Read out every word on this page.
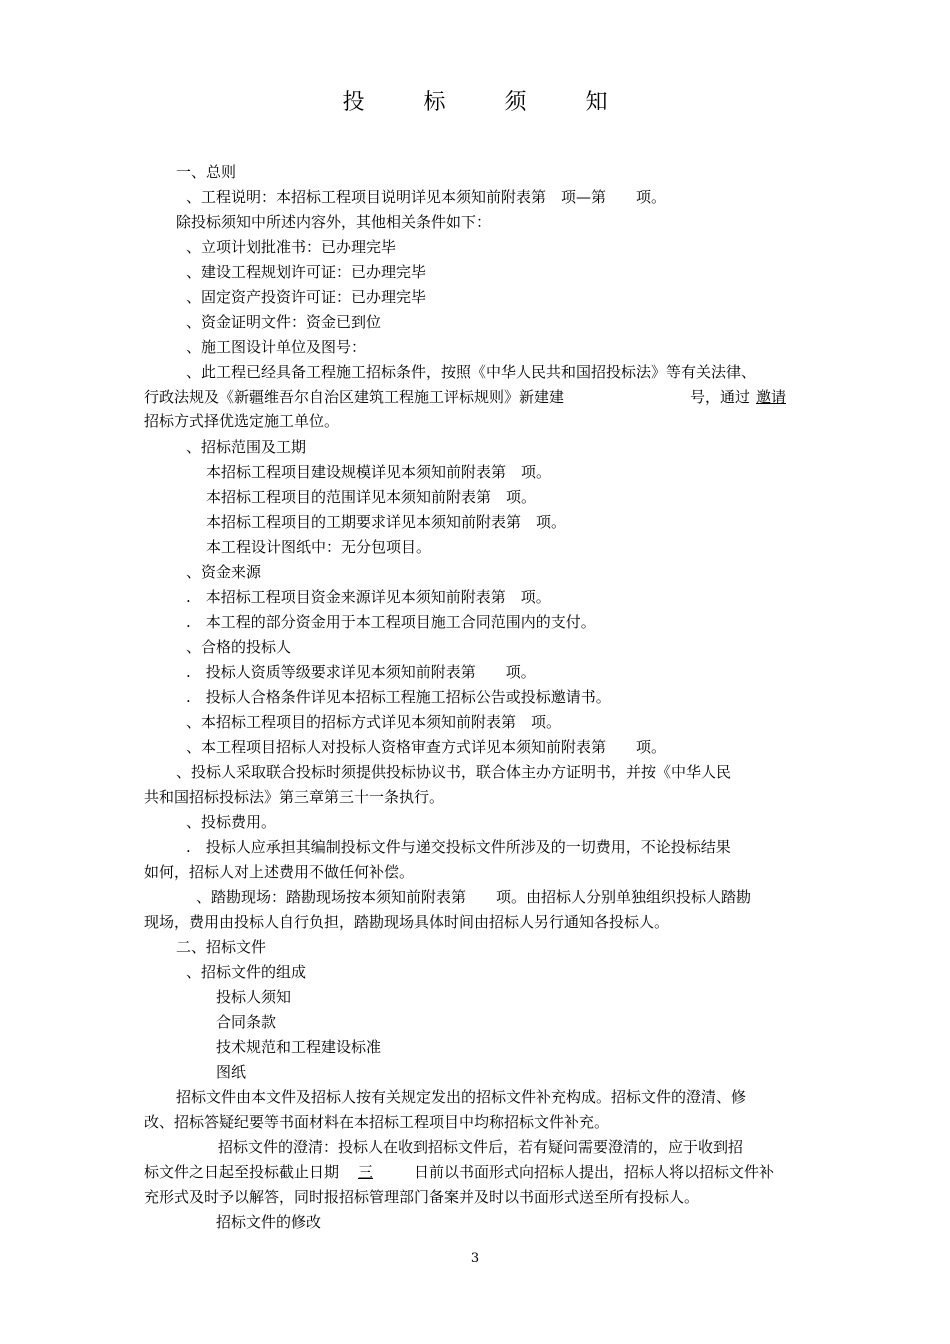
投 标 须 知
一、总则
、工程说明：本招标工程项目说明详见本须知前附表第　项—第　　项。
除投标须知中所述内容外，其他相关条件如下：
、立项计划批准书：已办理完毕
、建设工程规划许可证：已办理完毕
、固定资产投资许可证：已办理完毕
、资金证明文件：资金已到位
、施工图设计单位及图号：
、此工程已经具备工程施工招标条件，按照《中华人民共和国招投标法》等有关法律、
行政法规及《新疆维吾尔自治区建筑工程施工评标规则》新建建	号，通过 邀请
招标方式择优选定施工单位。
、招标范围及工期
本招标工程项目建设规模详见本须知前附表第　项。
本招标工程项目的范围详见本须知前附表第　项。
本招标工程项目的工期要求详见本须知前附表第　项。
本工程设计图纸中：无分包项目。
、资金来源
.　本招标工程项目资金来源详见本须知前附表第　项。
.　本工程的部分资金用于本工程项目施工合同范围内的支付。
、合格的投标人
.　投标人资质等级要求详见本须知前附表第　　项。
.　投标人合格条件详见本招标工程施工招标公告或投标邀请书。
、本招标工程项目的招标方式详见本须知前附表第　项。
、本工程项目招标人对投标人资格审查方式详见本须知前附表第　　项。
、投标人采取联合投标时须提供投标协议书，联合体主办方证明书，并按《中华人民
共和国招标投标法》第三章第三十一条执行。
、投标费用。
.　投标人应承担其编制投标文件与递交投标文件所涉及的一切费用，不论投标结果
如何，招标人对上述费用不做任何补偿。
、踏勘现场：踏勘现场按本须知前附表第　　项。由招标人分别单独组织投标人踏勘
现场，费用由投标人自行负担，踏勘现场具体时间由招标人另行通知各投标人。
二、招标文件
、招标文件的组成
投标人须知
合同条款
技术规范和工程建设标准
图纸
招标文件由本文件及招标人按有关规定发出的招标文件补充构成。招标文件的澄清、修
改、招标答疑纪要等书面材料在本招标工程项目中均称招标文件补充。
招标文件的澄清：投标人在收到招标文件后，若有疑问需要澄清的，应于收到招
标文件之日起至投标截止日期 三	日前以书面形式向招标人提出，招标人将以招标文件补
充形式及时予以解答，同时报招标管理部门备案并及时以书面形式送至所有投标人。
招标文件的修改
3
